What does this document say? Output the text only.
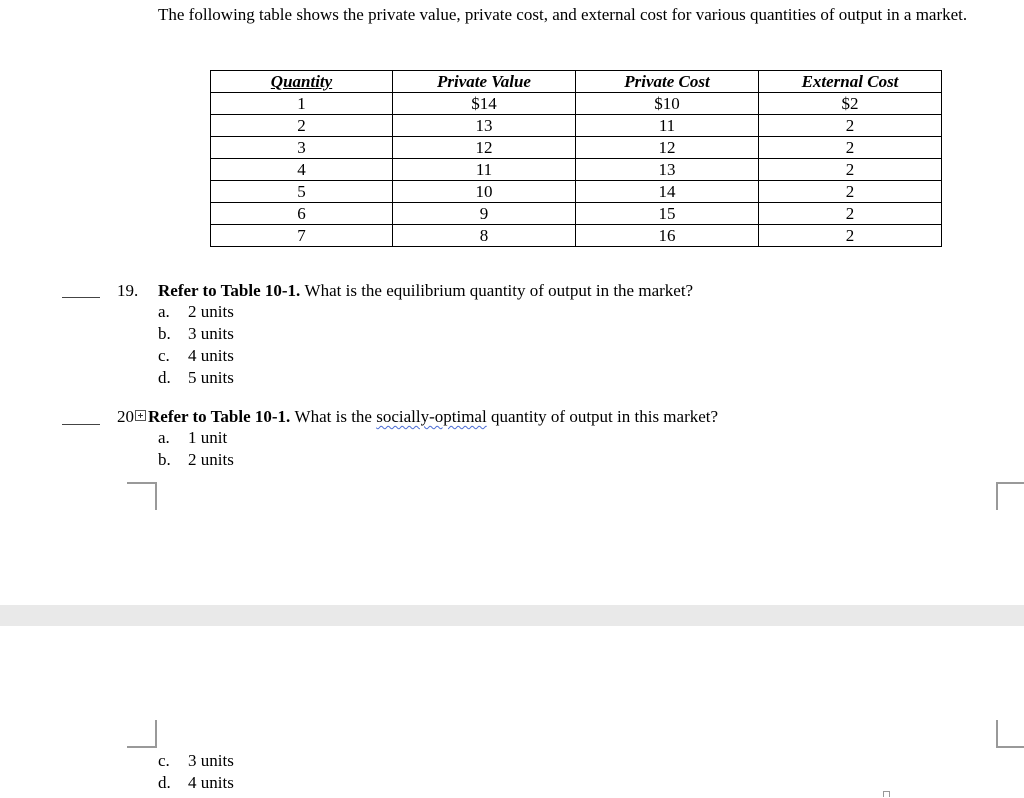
The following table shows the private value, private cost, and external cost for various quantities of output in a market.
Quantity	Private Value	Private Cost	External Cost
1	$14	$10	$2
2	13	11	2
3	12	12	2
4	11	13	2
5	10	14	2
6	9	15	2
7	8	16	2
19. Refer to Table 10-1. What is the equilibrium quantity of output in the market?
a. 2 units
b. 3 units
c. 4 units
d. 5 units
20 Refer to Table 10-1. What is the socially-optimal quantity of output in this market?
a. 1 unit
b. 2 units
c. 3 units
d. 4 units
